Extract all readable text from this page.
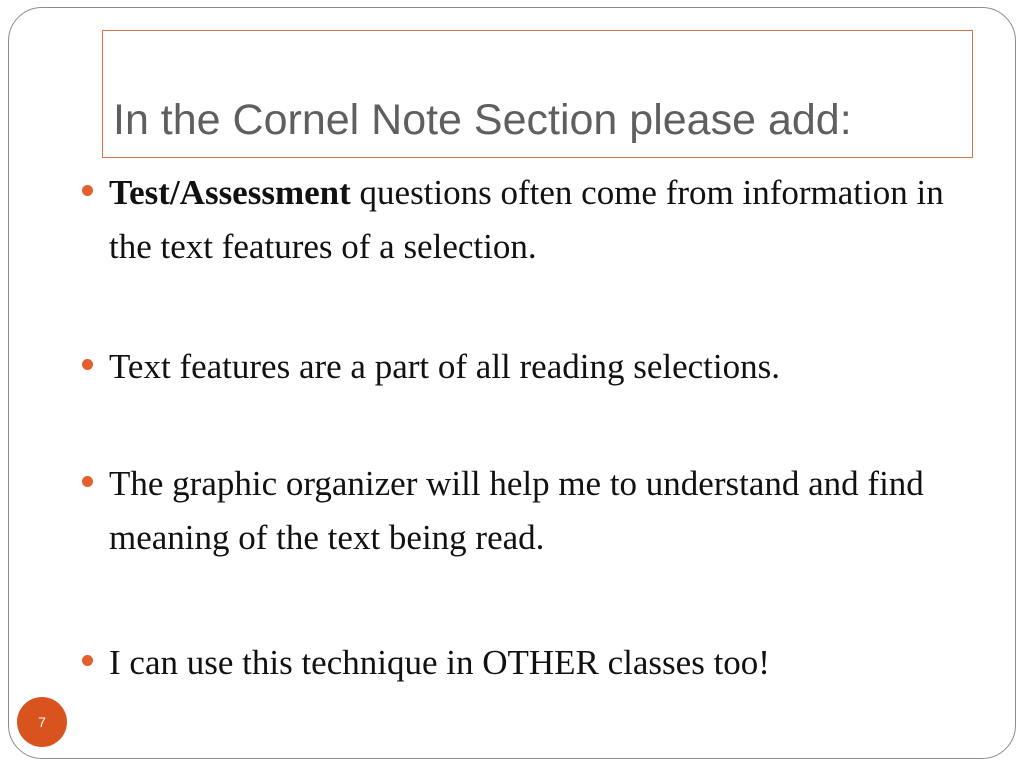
In the Cornel Note Section please add:
Test/Assessment questions often come from information in the text features of a selection.
Text features are a part of all reading selections.
The graphic organizer will help me to understand and find meaning of the text being read.
I can use this technique in OTHER classes too!
7
